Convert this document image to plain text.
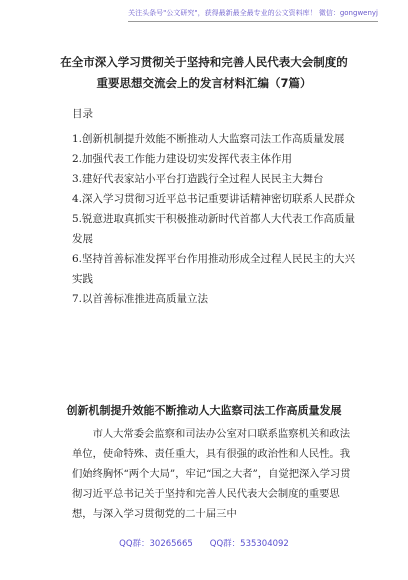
关注头条号"公文研究"，获得最新最全最专业的公文资料库！ 微信：gongwenyj
在全市深入学习贯彻关于坚持和完善人民代表大会制度的
重要思想交流会上的发言材料汇编（7篇）
目录
1.创新机制提升效能不断推动人大监察司法工作高质量发展
2.加强代表工作能力建设切实发挥代表主体作用
3.建好代表家站小平台打造践行全过程人民民主大舞台
4.深入学习贯彻习近平总书记重要讲话精神密切联系人民群众
5.锐意进取真抓实干积极推动新时代首都人大代表工作高质量发展
6.坚持首善标准发挥平台作用推动形成全过程人民民主的大兴实践
7.以首善标准推进高质量立法
创新机制提升效能不断推动人大监察司法工作高质量发展
市人大常委会监察和司法办公室对口联系监察机关和政法单位，使命特殊、责任重大，具有很强的政治性和人民性。我们始终胸怀“两个大局”，牢记“国之大者”，自觉把深入学习贯彻习近平总书记关于坚持和完善人民代表大会制度的重要思想，与深入学习贯彻党的二十届三中
QQ群：30265665　　QQ群：535304092
